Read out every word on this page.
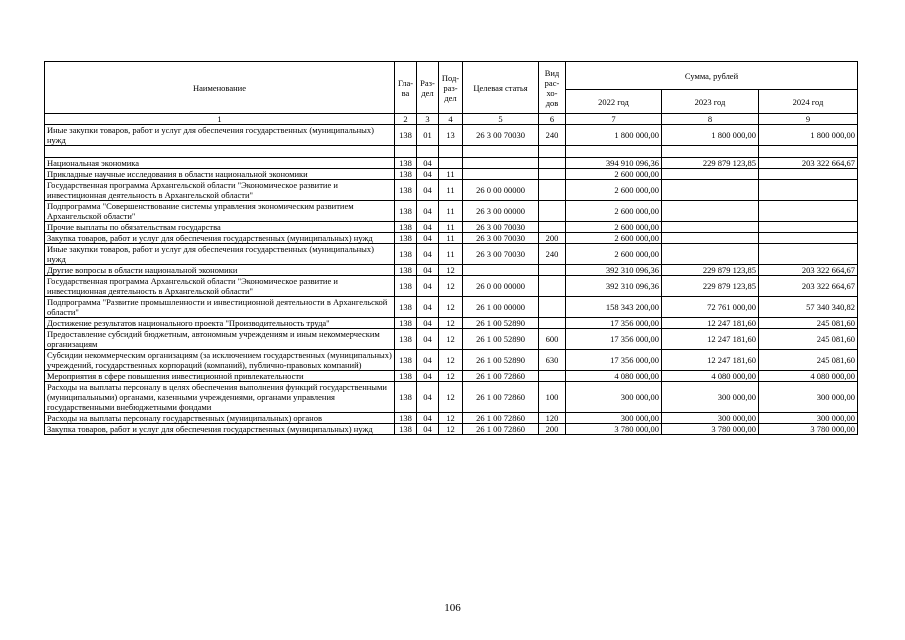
Наименование	Гла-ва	Раз-дел	Под-раз-дел	Целевая статья	Вид рас-хо-дов	Сумма, рублей		
						2022 год	2023 год	2024 год
1	2	3	4	5	6	7	8	9
Иные закупки товаров, работ и услуг для обеспечения государственных (муниципальных) нужд	138	01	13	26 3 00 70030	240	1 800 000,00	1 800 000,00	1 800 000,00

Национальная экономика	138	04				394 910 096,36	229 879 123,85	203 322 664,67
Прикладные научные исследования в области национальной экономики	138	04	11			2 600 000,00		
Государственная программа Архангельской области "Экономическое развитие и инвестиционная деятельность в Архангельской области"	138	04	11	26 0 00 00000		2 600 000,00		
Подпрограмма "Совершенствование системы управления экономическим развитием Архангельской области"	138	04	11	26 3 00 00000		2 600 000,00		
Прочие выплаты по обязательствам государства	138	04	11	26 3 00 70030		2 600 000,00		
Закупка товаров, работ и услуг для обеспечения государственных (муниципальных) нужд	138	04	11	26 3 00 70030	200	2 600 000,00		
Иные закупки товаров, работ и услуг для обеспечения государственных (муниципальных) нужд	138	04	11	26 3 00 70030	240	2 600 000,00		
Другие вопросы в области национальной экономики	138	04	12			392 310 096,36	229 879 123,85	203 322 664,67
Государственная программа Архангельской области "Экономическое развитие и инвестиционная деятельность в Архангельской области"	138	04	12	26 0 00 00000		392 310 096,36	229 879 123,85	203 322 664,67
Подпрограмма "Развитие промышленности и инвестиционной деятельности в Архангельской области"	138	04	12	26 1 00 00000		158 343 200,00	72 761 000,00	57 340 340,82
Достижение результатов национального проекта "Производительность труда"	138	04	12	26 1 00 52890		17 356 000,00	12 247 181,60	245 081,60
Предоставление субсидий бюджетным, автономным учреждениям и иным некоммерческим организациям	138	04	12	26 1 00 52890	600	17 356 000,00	12 247 181,60	245 081,60
Субсидии некоммерческим организациям (за исключением государственных (муниципальных) учреждений, государственных корпораций (компаний), публично-правовых компаний)	138	04	12	26 1 00 52890	630	17 356 000,00	12 247 181,60	245 081,60
Мероприятия в сфере повышения инвестиционной привлекательности	138	04	12	26 1 00 72860		4 080 000,00	4 080 000,00	4 080 000,00
Расходы на выплаты персоналу в целях обеспечения выполнения функций государственными (муниципальными) органами, казенными учреждениями, органами управления государственными внебюджетными фондами	138	04	12	26 1 00 72860	100	300 000,00	300 000,00	300 000,00
Расходы на выплаты персоналу государственных (муниципальных) органов	138	04	12	26 1 00 72860	120	300 000,00	300 000,00	300 000,00
Закупка товаров, работ и услуг для обеспечения государственных (муниципальных) нужд	138	04	12	26 1 00 72860	200	3 780 000,00	3 780 000,00	3 780 000,00
106
